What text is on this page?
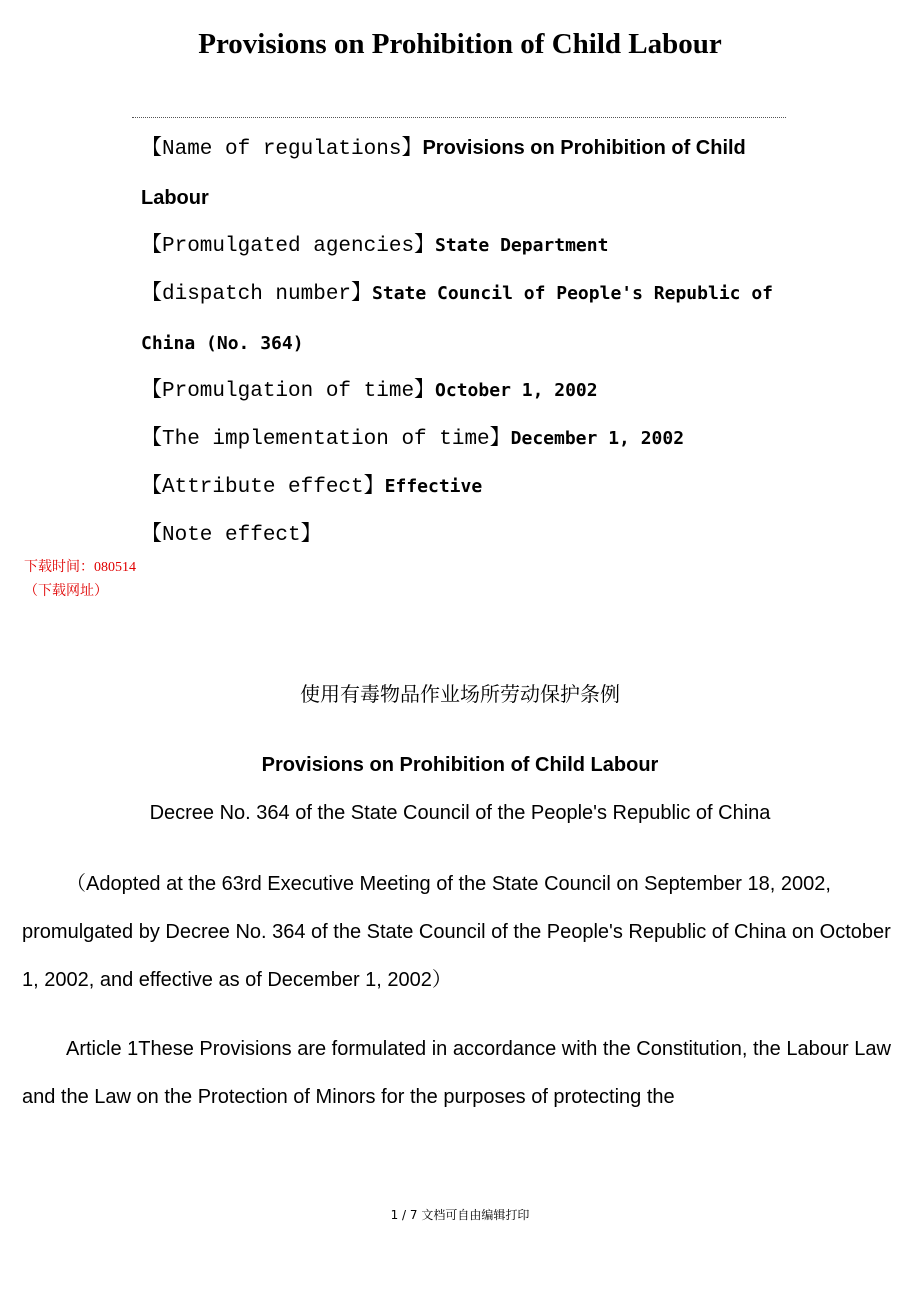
Provisions on Prohibition of Child Labour
【Name of regulations】Provisions on Prohibition of Child Labour
【Promulgated agencies】State Department
【dispatch number】State Council of People's Republic of China (No. 364)
【Promulgation of time】October 1, 2002
【The implementation of time】December 1, 2002
【Attribute effect】Effective
【Note effect】
下载时间：080514
（下载网址）
使用有毒物品作业场所劳动保护条例
Provisions on Prohibition of Child Labour
Decree No. 364 of the State Council of the People's Republic of China
（Adopted at the 63rd Executive Meeting of the State Council on September 18, 2002, promulgated by Decree No. 364 of the State Council of the People's Republic of China on October 1, 2002, and effective as of December 1, 2002）
Article 1These Provisions are formulated in accordance with the Constitution, the Labour Law and the Law on the Protection of Minors for the purposes of protecting the
1 / 7 文档可自由编辑打印
